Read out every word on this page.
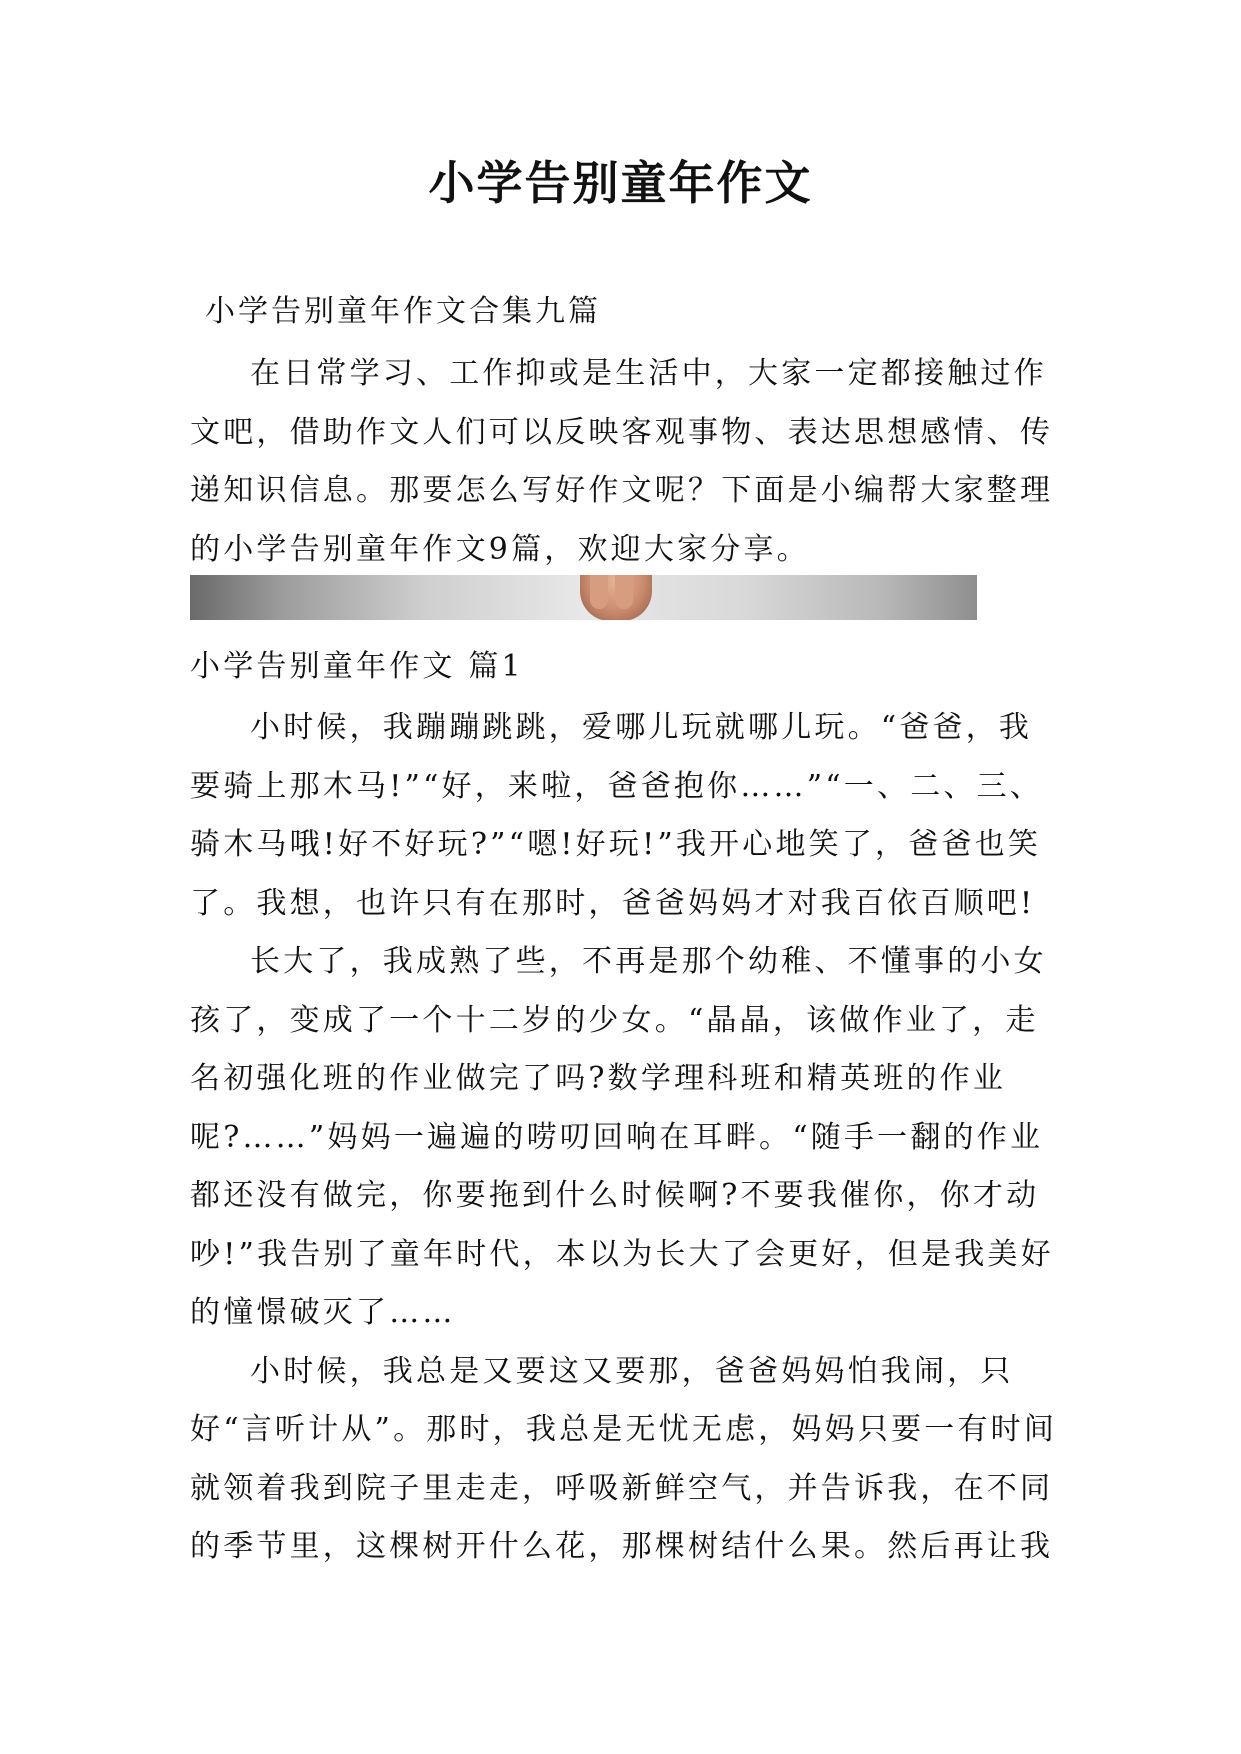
小学告别童年作文
小学告别童年作文合集九篇

在日常学习、工作抑或是生活中，大家一定都接触过作文吧，借助作文人们可以反映客观事物、表达思想感情、传递知识信息。那要怎么写好作文呢？下面是小编帮大家整理的小学告别童年作文9篇，欢迎大家分享。

小学告别童年作文 篇1

小时候，我蹦蹦跳跳，爱哪儿玩就哪儿玩。“爸爸，我要骑上那木马!”“好，来啦，爸爸抱你……”“一、二、三、骑木马哦!好不好玩?”“嗯!好玩!”我开心地笑了，爸爸也笑了。我想，也许只有在那时，爸爸妈妈才对我百依百顺吧!

长大了，我成熟了些，不再是那个幼稚、不懂事的小女孩了，变成了一个十二岁的少女。“晶晶，该做作业了，走名初强化班的作业做完了吗?数学理科班和精英班的作业呢?……”妈妈一遍遍的唠叨回响在耳畔。“随手一翻的作业都还没有做完，你要拖到什么时候啊?不要我催你，你才动吵!”我告别了童年时代，本以为长大了会更好，但是我美好的憧憬破灭了……

小时候，我总是又要这又要那，爸爸妈妈怕我闹，只好“言听计从”。那时，我总是无忧无虑，妈妈只要一有时间就领着我到院子里走走，呼吸新鲜空气，并告诉我，在不同的季节里，这棵树开什么花，那棵树结什么果。然后再让我
